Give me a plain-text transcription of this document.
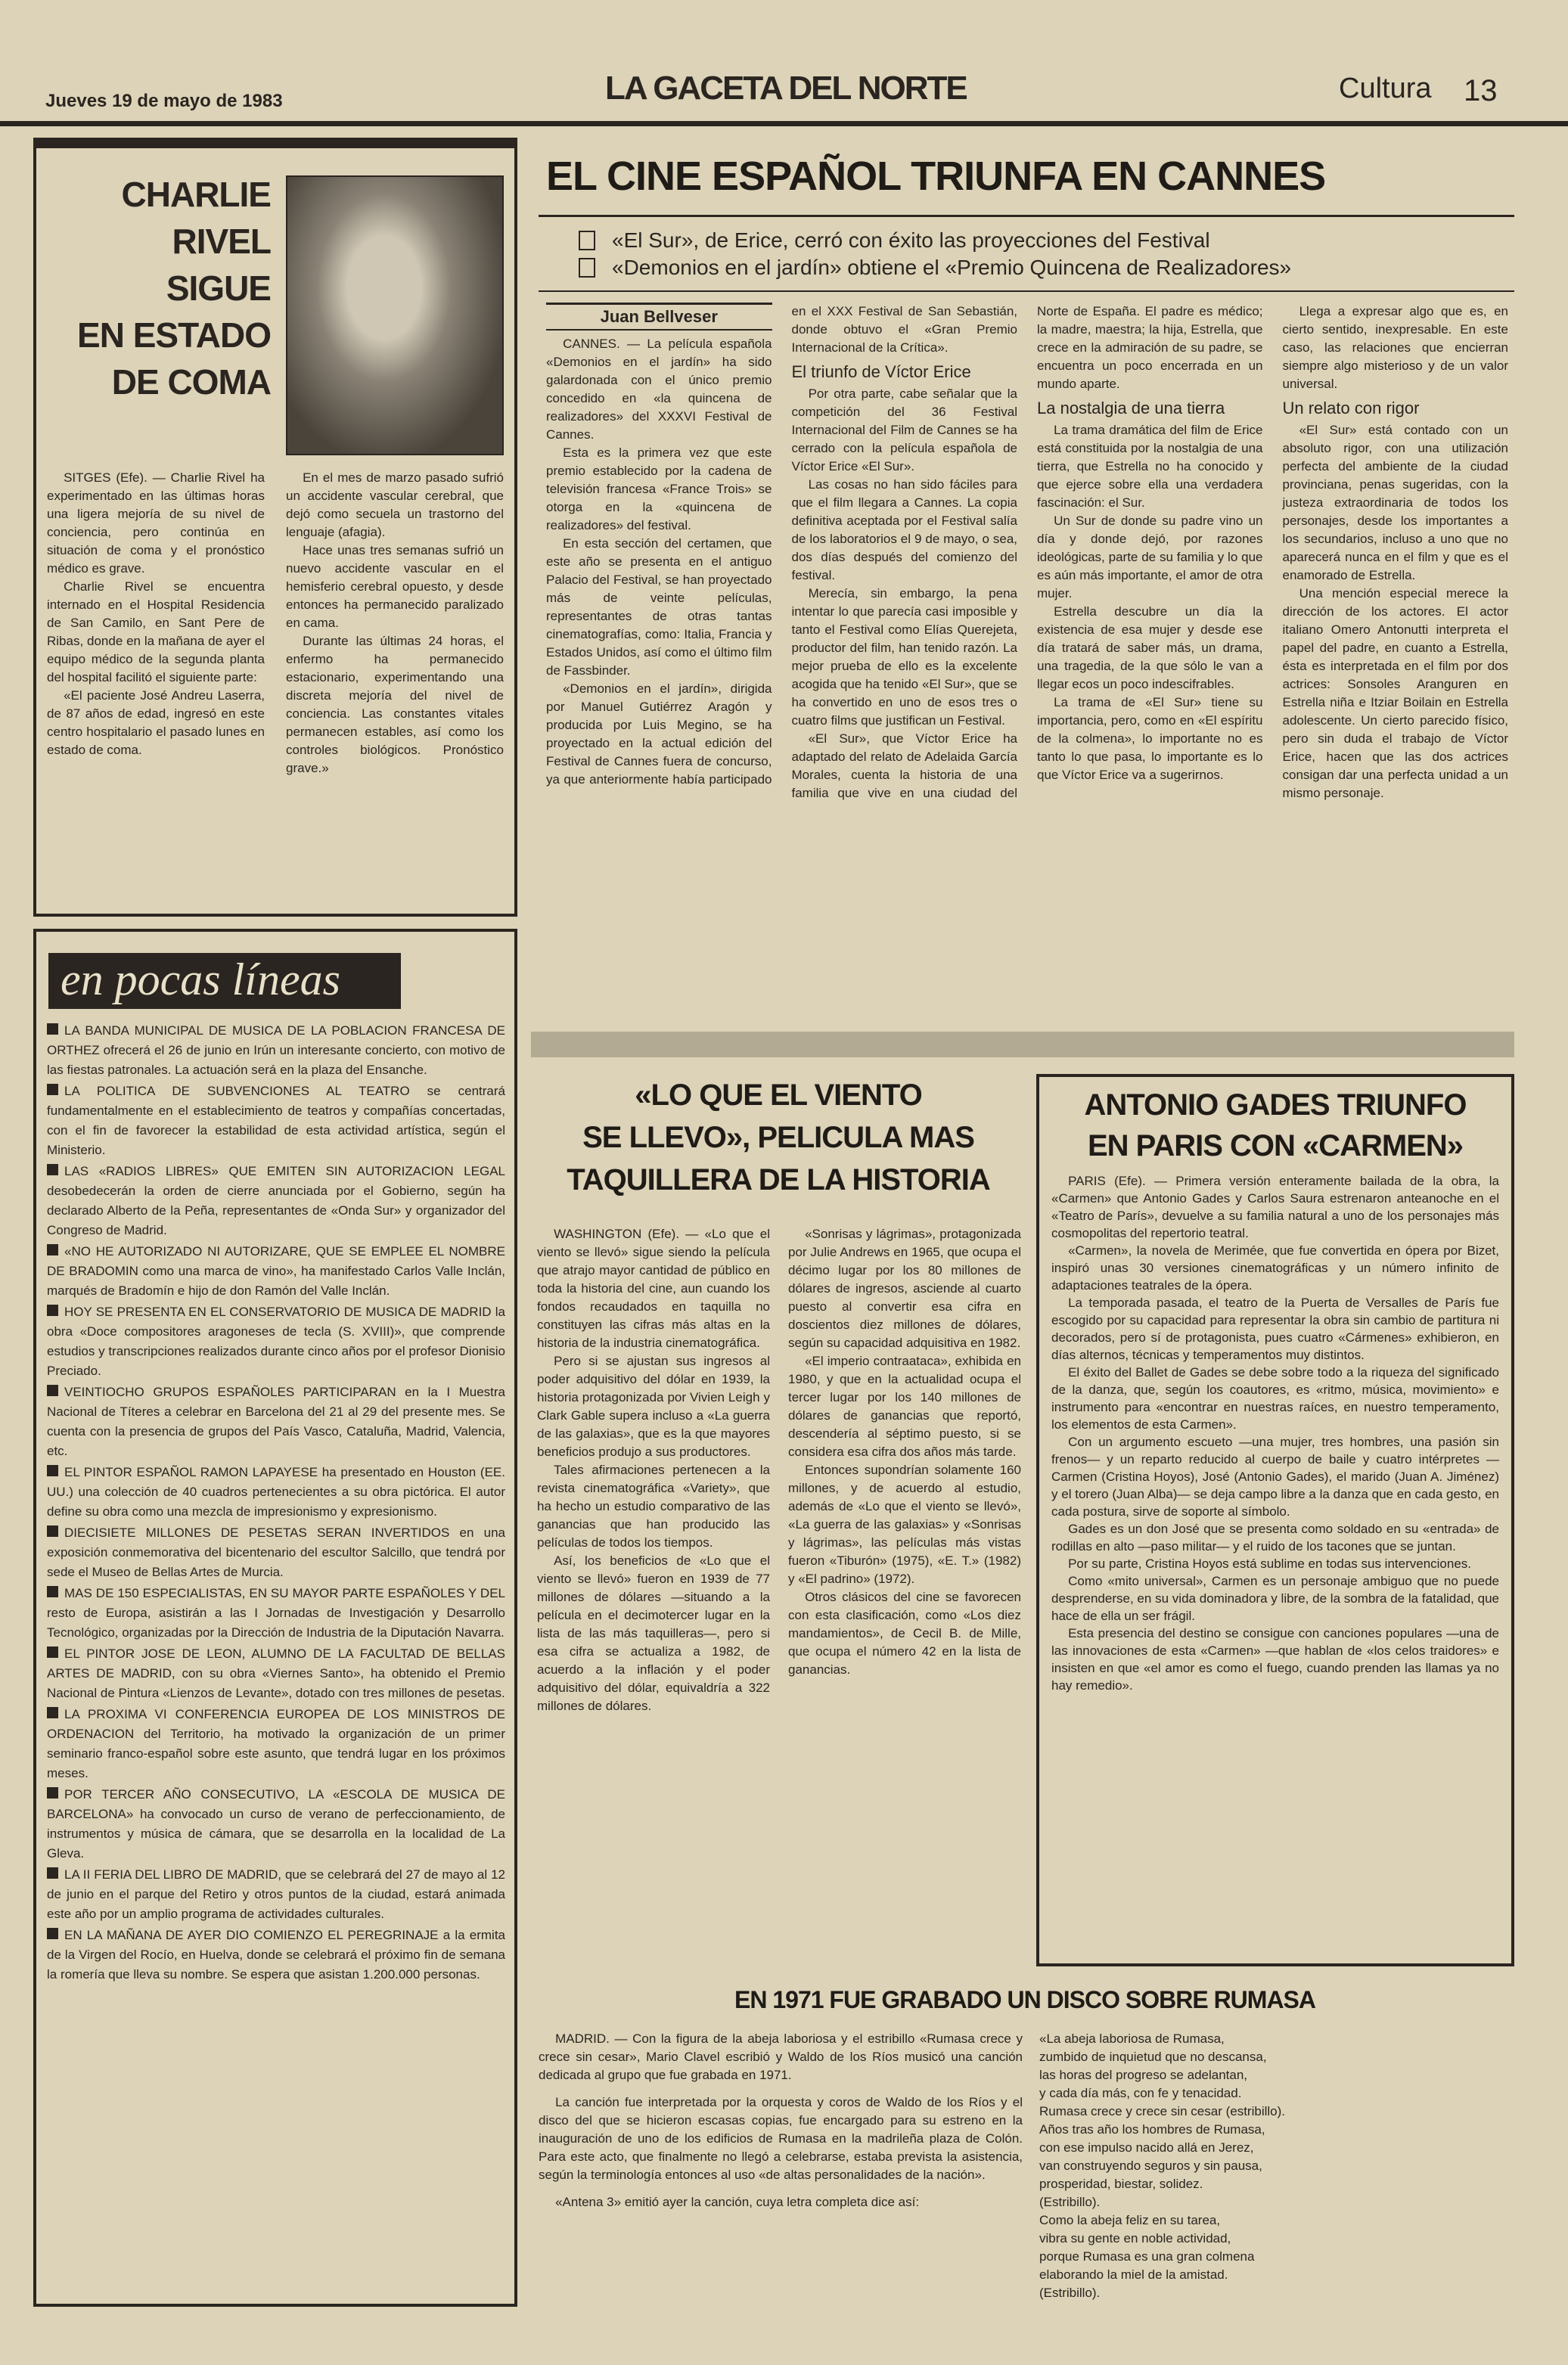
Jueves 19 de mayo de 1983	LA GACETA DEL NORTE	Cultura 13
CHARLIE
RIVEL
SIGUE
EN ESTADO
DE COMA

SITGES (Efe). — Charlie Rivel ha experimentado en las últimas horas una ligera mejoría de su nivel de conciencia, pero continúa en situación de coma y el pronóstico médico es grave.

Charlie Rivel se encuentra internado en el Hospital Residencia de San Camilo, en Sant Pere de Ribas, donde en la mañana de ayer el equipo médico de la segunda planta del hospital facilitó el siguiente parte:

«El paciente José Andreu Laserra, de 87 años de edad, ingresó en este centro hospitalario el pasado lunes en estado de coma.

En el mes de marzo pasado sufrió un accidente vascular cerebral, que dejó como secuela un trastorno del lenguaje (afagia).

Hace unas tres semanas sufrió un nuevo accidente vascular en el hemisferio cerebral opuesto, y desde entonces ha permanecido paralizado en cama.

Durante las últimas 24 horas, el enfermo ha permanecido estacionario, experimentando una discreta mejoría del nivel de conciencia. Las constantes vitales permanecen estables, así como los controles biológicos. Pronóstico grave.»

en pocas líneas
LA BANDA MUNICIPAL DE MUSICA DE LA POBLACION FRANCESA DE ORTHEZ ofrecerá el 26 de junio en Irún un interesante concierto, con motivo de las fiestas patronales. La actuación será en la plaza del Ensanche.
LA POLITICA DE SUBVENCIONES AL TEATRO se centrará fundamentalmente en el establecimiento de teatros y compañías concertadas, con el fin de favorecer la estabilidad de esta actividad artística, según el Ministerio.
LAS «RADIOS LIBRES» QUE EMITEN SIN AUTORIZACION LEGAL desobedecerán la orden de cierre anunciada por el Gobierno, según ha declarado Alberto de la Peña, representantes de «Onda Sur» y organizador del Congreso de Madrid.
«NO HE AUTORIZADO NI AUTORIZARE, QUE SE EMPLEE EL NOMBRE DE BRADOMIN como una marca de vino», ha manifestado Carlos Valle Inclán, marqués de Bradomín e hijo de don Ramón del Valle Inclán.
HOY SE PRESENTA EN EL CONSERVATORIO DE MUSICA DE MADRID la obra «Doce compositores aragoneses de tecla (S. XVIII)», que comprende estudios y transcripciones realizados durante cinco años por el profesor Dionisio Preciado.
VEINTIOCHO GRUPOS ESPAÑOLES PARTICIPARAN en la I Muestra Nacional de Títeres a celebrar en Barcelona del 21 al 29 del presente mes. Se cuenta con la presencia de grupos del País Vasco, Cataluña, Madrid, Valencia, etc.
EL PINTOR ESPAÑOL RAMON LAPAYESE ha presentado en Houston (EE. UU.) una colección de 40 cuadros pertenecientes a su obra pictórica. El autor define su obra como una mezcla de impresionismo y expresionismo.
DIECISIETE MILLONES DE PESETAS SERAN INVERTIDOS en una exposición conmemorativa del bicentenario del escultor Salcillo, que tendrá por sede el Museo de Bellas Artes de Murcia.
MAS DE 150 ESPECIALISTAS, EN SU MAYOR PARTE ESPAÑOLES Y DEL resto de Europa, asistirán a las I Jornadas de Investigación y Desarrollo Tecnológico, organizadas por la Dirección de Industria de la Diputación Navarra.
EL PINTOR JOSE DE LEON, ALUMNO DE LA FACULTAD DE BELLAS ARTES DE MADRID, con su obra «Viernes Santo», ha obtenido el Premio Nacional de Pintura «Lienzos de Levante», dotado con tres millones de pesetas.
LA PROXIMA VI CONFERENCIA EUROPEA DE LOS MINISTROS DE ORDENACION del Territorio, ha motivado la organización de un primer seminario franco-español sobre este asunto, que tendrá lugar en los próximos meses.
POR TERCER AÑO CONSECUTIVO, LA «ESCOLA DE MUSICA DE BARCELONA» ha convocado un curso de verano de perfeccionamiento, de instrumentos y música de cámara, que se desarrolla en la localidad de La Gleva.
LA II FERIA DEL LIBRO DE MADRID, que se celebrará del 27 de mayo al 12 de junio en el parque del Retiro y otros puntos de la ciudad, estará animada este año por un amplio programa de actividades culturales.
EN LA MAÑANA DE AYER DIO COMIENZO EL PEREGRINAJE a la ermita de la Virgen del Rocío, en Huelva, donde se celebrará el próximo fin de semana la romería que lleva su nombre. Se espera que asistan 1.200.000 personas.
EL CINE ESPAÑOL TRIUNFA EN CANNES
«El Sur», de Erice, cerró con éxito las proyecciones del Festival
«Demonios en el jardín» obtiene el «Premio Quincena de Realizadores»
Juan Bellveser

CANNES. — La película española «Demonios en el jardín» ha sido galardonada con el único premio concedido en «la quincena de realizadores» del XXXVI Festival de Cannes.

Esta es la primera vez que este premio establecido por la cadena de televisión francesa «France Trois» se otorga en la «quincena de realizadores» del festival.

En esta sección del certamen, que este año se presenta en el antiguo Palacio del Festival, se han proyectado más de veinte películas, representantes de otras tantas cinematografías, como: Italia, Francia y Estados Unidos, así como el último film de Fassbinder.

«Demonios en el jardín», dirigida por Manuel Gutiérrez Aragón y producida por Luis Megino, se ha proyectado en la actual edición del Festival de Cannes fuera de concurso, ya que anteriormente había participado en el XXX Festival de San Sebastián, donde obtuvo el «Gran Premio Internacional de la Crítica».

El triunfo de Víctor Erice

Por otra parte, cabe señalar que la competición del 36 Festival Internacional del Film de Cannes se ha cerrado con la película española de Víctor Erice «El Sur».

Las cosas no han sido fáciles para que el film llegara a Cannes. La copia definitiva aceptada por el Festival salía de los laboratorios el 9 de mayo, o sea, dos días después del comienzo del festival.

Merecía, sin embargo, la pena intentar lo que parecía casi imposible y tanto el Festival como Elías Querejeta, productor del film, han tenido razón. La mejor prueba de ello es la excelente acogida que ha tenido «El Sur», que se ha convertido en uno de esos tres o cuatro films que justifican un Festival.

«El Sur», que Víctor Erice ha adaptado del relato de Adelaida García Morales, cuenta la historia de una familia que vive en una ciudad del Norte de España. El padre es médico; la madre, maestra; la hija, Estrella, que crece en la admiración de su padre, se encuentra un poco encerrada en un mundo aparte.

La nostalgia de una tierra

La trama dramática del film de Erice está constituida por la nostalgia de una tierra, que Estrella no ha conocido y que ejerce sobre ella una verdadera fascinación: el Sur.

Un Sur de donde su padre vino un día y donde dejó, por razones ideológicas, parte de su familia y lo que es aún más importante, el amor de otra mujer.

Estrella descubre un día la existencia de esa mujer y desde ese día tratará de saber más, un drama, una tragedia, de la que sólo le van a llegar ecos un poco indescifrables.

La trama de «El Sur» tiene su importancia, pero, como en «El espíritu de la colmena», lo importante no es tanto lo que pasa, lo importante es lo que Víctor Erice va a sugerirnos.

Llega a expresar algo que es, en cierto sentido, inexpresable. En este caso, las relaciones que encierran siempre algo misterioso y de un valor universal.

Un relato con rigor

«El Sur» está contado con un absoluto rigor, con una utilización perfecta del ambiente de la ciudad provinciana, penas sugeridas, con la justeza extraordinaria de todos los personajes, desde los importantes a los secundarios, incluso a uno que no aparecerá nunca en el film y que es el enamorado de Estrella.

Una mención especial merece la dirección de los actores. El actor italiano Omero Antonutti interpreta el papel del padre, en cuanto a Estrella, ésta es interpretada en el film por dos actrices: Sonsoles Aranguren en Estrella niña e Itziar Boilain en Estrella adolescente. Un cierto parecido físico, pero sin duda el trabajo de Víctor Erice, hacen que las dos actrices consigan dar una perfecta unidad a un mismo personaje.

«LO QUE EL VIENTO
SE LLEVO», PELICULA MAS
TAQUILLERA DE LA HISTORIA

WASHINGTON (Efe). — «Lo que el viento se llevó» sigue siendo la película que atrajo mayor cantidad de público en toda la historia del cine, aun cuando los fondos recaudados en taquilla no constituyen las cifras más altas en la historia de la industria cinematográfica.

Pero si se ajustan sus ingresos al poder adquisitivo del dólar en 1939, la historia protagonizada por Vivien Leigh y Clark Gable supera incluso a «La guerra de las galaxias», que es la que mayores beneficios produjo a sus productores.

Tales afirmaciones pertenecen a la revista cinematográfica «Variety», que ha hecho un estudio comparativo de las ganancias que han producido las películas de todos los tiempos.

Así, los beneficios de «Lo que el viento se llevó» fueron en 1939 de 77 millones de dólares —situando a la película en el decimotercer lugar en la lista de las más taquilleras—, pero si esa cifra se actualiza a 1982, de acuerdo a la inflación y el poder adquisitivo del dólar, equivaldría a 322 millones de dólares.

«Sonrisas y lágrimas», protagonizada por Julie Andrews en 1965, que ocupa el décimo lugar por los 80 millones de dólares de ingresos, asciende al cuarto puesto al convertir esa cifra en doscientos diez millones de dólares, según su capacidad adquisitiva en 1982.

«El imperio contraataca», exhibida en 1980, y que en la actualidad ocupa el tercer lugar por los 140 millones de dólares de ganancias que reportó, descendería al séptimo puesto, si se considera esa cifra dos años más tarde.

Entonces supondrían solamente 160 millones, y de acuerdo al estudio, además de «Lo que el viento se llevó», «La guerra de las galaxias» y «Sonrisas y lágrimas», las películas más vistas fueron «Tiburón» (1975), «E. T.» (1982) y «El padrino» (1972).

Otros clásicos del cine se favorecen con esta clasificación, como «Los diez mandamientos», de Cecil B. de Mille, que ocupa el número 42 en la lista de ganancias.

ANTONIO GADES TRIUNFO
EN PARIS CON «CARMEN»

PARIS (Efe). — Primera versión enteramente bailada de la obra, la «Carmen» que Antonio Gades y Carlos Saura estrenaron anteanoche en el «Teatro de París», devuelve a su familia natural a uno de los personajes más cosmopolitas del repertorio teatral.

«Carmen», la novela de Merimée, que fue convertida en ópera por Bizet, inspiró unas 30 versiones cinematográficas y un número infinito de adaptaciones teatrales de la ópera.

La temporada pasada, el teatro de la Puerta de Versalles de París fue escogido por su capacidad para representar la obra sin cambio de partitura ni decorados, pero sí de protagonista, pues cuatro «Cármenes» exhibieron, en días alternos, técnicas y temperamentos muy distintos.

El éxito del Ballet de Gades se debe sobre todo a la riqueza del significado de la danza, que, según los coautores, es «ritmo, música, movimiento» e instrumento para «encontrar en nuestras raíces, en nuestro temperamento, los elementos de esta Carmen».

Con un argumento escueto —una mujer, tres hombres, una pasión sin frenos— y un reparto reducido al cuerpo de baile y cuatro intérpretes —Carmen (Cristina Hoyos), José (Antonio Gades), el marido (Juan A. Jiménez) y el torero (Juan Alba)— se deja campo libre a la danza que en cada gesto, en cada postura, sirve de soporte al símbolo.

Gades es un don José que se presenta como soldado en su «entrada» de rodillas en alto —paso militar— y el ruido de los tacones que se juntan.

Por su parte, Cristina Hoyos está sublime en todas sus intervenciones.

Como «mito universal», Carmen es un personaje ambiguo que no puede desprenderse, en su vida dominadora y libre, de la sombra de la fatalidad, que hace de ella un ser frágil.

Esta presencia del destino se consigue con canciones populares —una de las innovaciones de esta «Carmen» —que hablan de «los celos traidores» e insisten en que «el amor es como el fuego, cuando prenden las llamas ya no hay remedio».

EN 1971 FUE GRABADO UN DISCO SOBRE RUMASA

MADRID. — Con la figura de la abeja laboriosa y el estribillo «Rumasa crece y crece sin cesar», Mario Clavel escribió y Waldo de los Ríos musicó una canción dedicada al grupo que fue grabada en 1971.

La canción fue interpretada por la orquesta y coros de Waldo de los Ríos y el disco del que se hicieron escasas copias, fue encargado para su estreno en la inauguración de uno de los edificios de Rumasa en la madrileña plaza de Colón. Para este acto, que finalmente no llegó a celebrarse, estaba prevista la asistencia, según la terminología entonces al uso «de altas personalidades de la nación».

«Antena 3» emitió ayer la canción, cuya letra completa dice así:

«La abeja laboriosa de Rumasa,
zumbido de inquietud que no descansa,
las horas del progreso se adelantan,
y cada día más, con fe y tenacidad.
Rumasa crece y crece sin cesar (estribillo).
Años tras año los hombres de Rumasa,
con ese impulso nacido allá en Jerez,
van construyendo seguros y sin pausa,
prosperidad, biestar, solidez.
(Estribillo).
Como la abeja feliz en su tarea,
vibra su gente en noble actividad,
porque Rumasa es una gran colmena
elaborando la miel de la amistad.
(Estribillo).
